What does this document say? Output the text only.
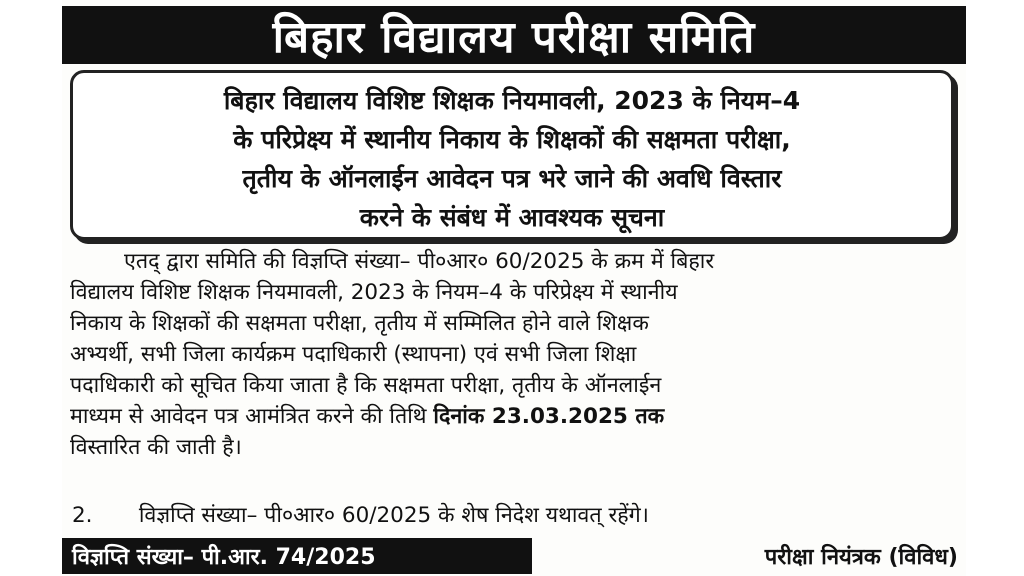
बिहार विद्यालय परीक्षा समिति
बिहार विद्यालय विशिष्ट शिक्षक नियमावली, 2023 के नियम–4
के परिप्रेक्ष्य में स्थानीय निकाय के शिक्षकों की सक्षमता परीक्षा,
तृतीय के ऑनलाईन आवेदन पत्र भरे जाने की अवधि विस्तार
करने के संबंध में आवश्यक सूचना
एतद् द्वारा समिति की विज्ञप्ति संख्या– पी०आर० 60/2025 के क्रम में बिहार
विद्यालय विशिष्ट शिक्षक नियमावली, 2023 के नियम–4 के परिप्रेक्ष्य में स्थानीय
निकाय के शिक्षकों की सक्षमता परीक्षा, तृतीय में सम्मिलित होने वाले शिक्षक
अभ्यर्थी, सभी जिला कार्यक्रम पदाधिकारी (स्थापना) एवं सभी जिला शिक्षा
पदाधिकारी को सूचित किया जाता है कि सक्षमता परीक्षा, तृतीय के ऑनलाईन
माध्यम से आवेदन पत्र आमंत्रित करने की तिथि
दिनांक 23.03.2025 तक
विस्तारित की जाती है।
2. विज्ञप्ति संख्या– पी०आर० 60/2025 के शेष निदेश यथावत् रहेंगे।
विज्ञप्ति संख्या– पी.आर. 74/2025	परीक्षा नियंत्रक (विविध)
